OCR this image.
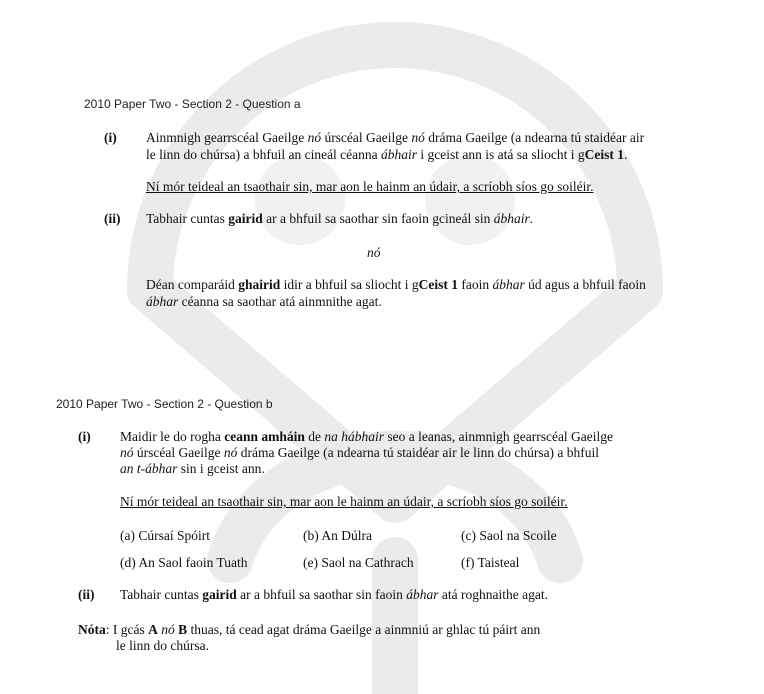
2010 Paper Two - Section 2 - Question a
(i) Ainmnigh gearrscéal Gaeilge nó úrscéal Gaeilge nó dráma Gaeilge (a ndearna tú staidéar air
le linn do chúrsa) a bhfuil an cineál céanna ábhair i gceist ann is atá sa sliocht i gCeist 1.
Ní mór teideal an tsaothair sin, mar aon le hainm an údair, a scríobh síos go soiléir.
(ii) Tabhair cuntas gairid ar a bhfuil sa saothar sin faoin gcineál sin ábhair.
nó
Déan comparáid ghairid idir a bhfuil sa sliocht i gCeist 1 faoin ábhar úd agus a bhfuil faoin
ábhar céanna sa saothar atá ainmnithe agat.
2010 Paper Two - Section 2 - Question b
(i) Maidir le do rogha ceann amháin de na hábhair seo a leanas, ainmnigh gearrscéal Gaeilge
nó úrscéal Gaeilge nó dráma Gaeilge (a ndearna tú staidéar air le linn do chúrsa) a bhfuil
an t-ábhar sin i gceist ann.
Ní mór teideal an tsaothair sin, mar aon le hainm an údair, a scríobh síos go soiléir.
(a) Cúrsaí Spóirt	(b) An Dúlra	(c) Saol na Scoile
(d) An Saol faoin Tuath	(e) Saol na Cathrach	(f) Taisteal
(ii) Tabhair cuntas gairid ar a bhfuil sa saothar sin faoin ábhar atá roghnaithe agat.
Nóta: I gcás A nó B thuas, tá cead agat dráma Gaeilge a ainmniú ar ghlac tú páirt ann
le linn do chúrsa.
